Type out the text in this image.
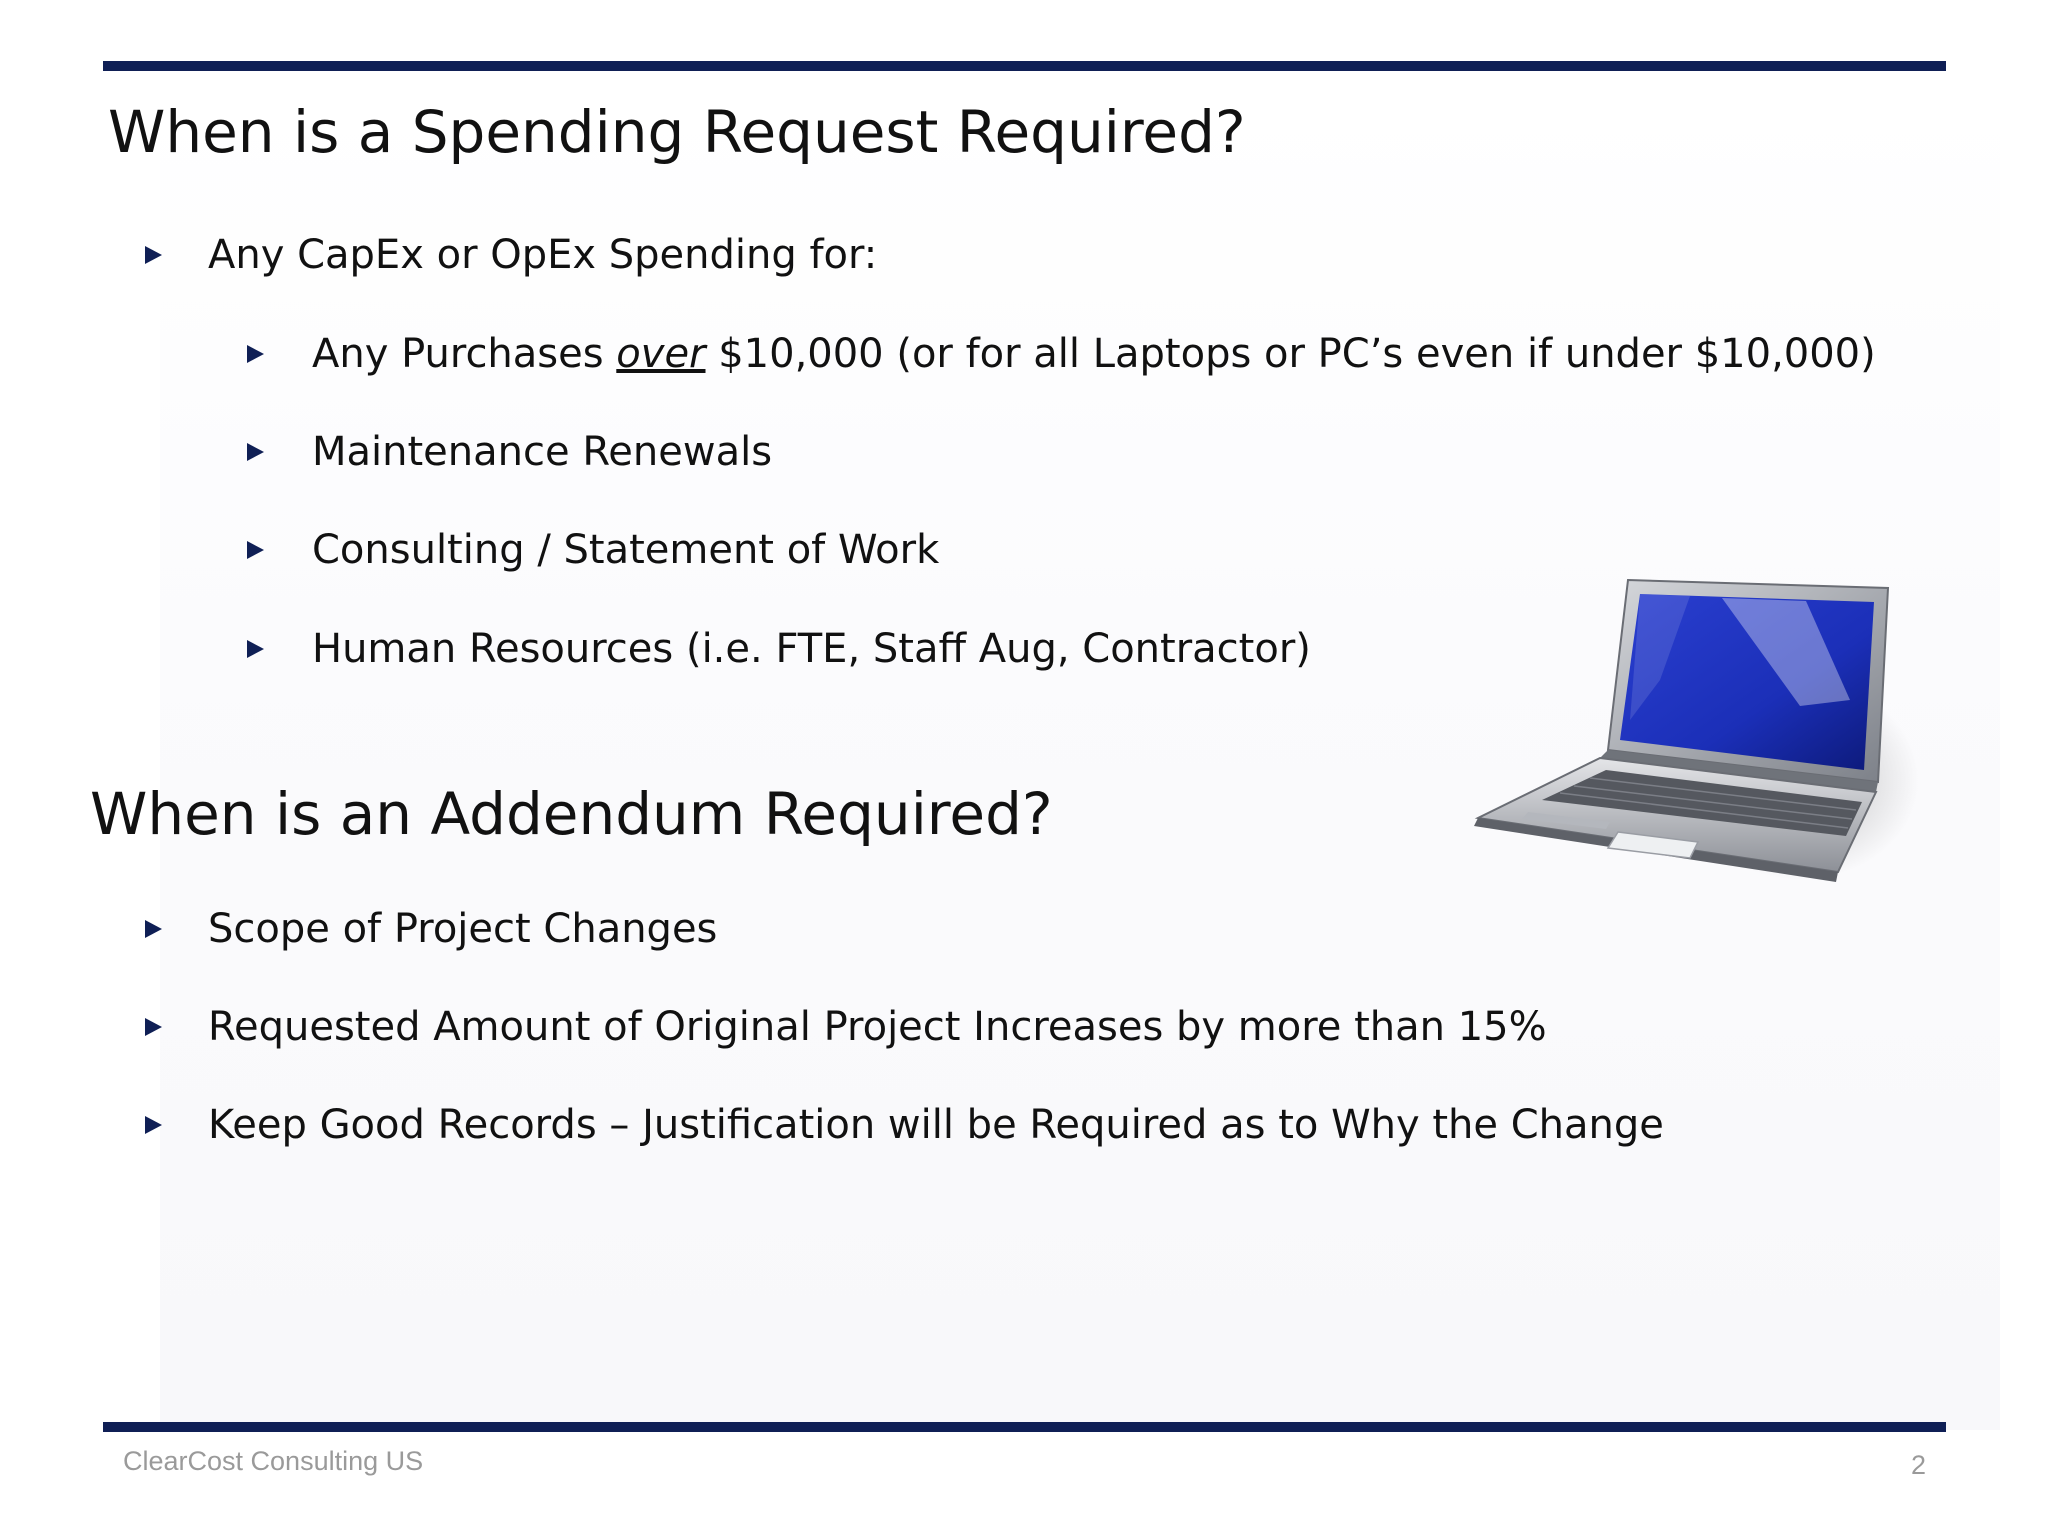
When is a Spending Request Required?
Any CapEx or OpEx Spending for:
Any Purchases over $10,000 (or for all Laptops or PC’s even if under $10,000)
Maintenance Renewals
Consulting / Statement of Work
Human Resources (i.e. FTE, Staff Aug, Contractor)
When is an Addendum Required?
Scope of Project Changes
Requested Amount of Original Project Increases by more than 15%
Keep Good Records – Justification will be Required as to Why the Change
ClearCost Consulting US	2
